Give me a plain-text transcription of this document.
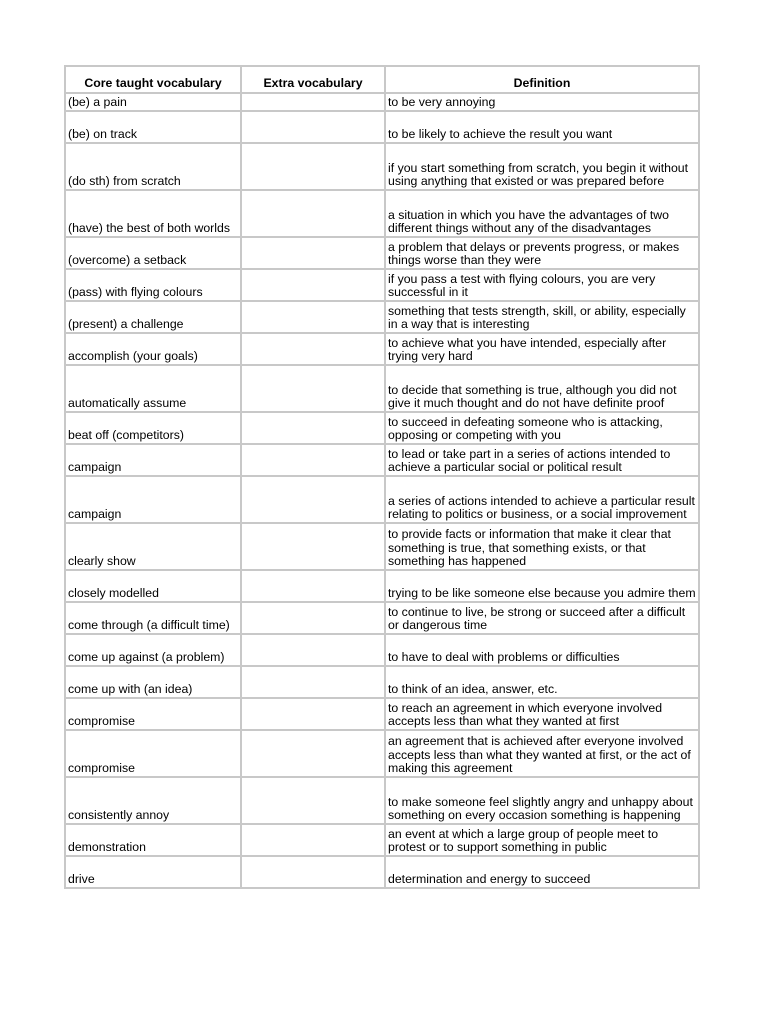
Core taught vocabulary	Extra vocabulary	Definition
(be) a pain		to be very annoying
(be) on track		to be likely to achieve the result you want
(do sth) from scratch		if you start something from scratch, you begin it without using anything that existed or was prepared before
(have) the best of both worlds		a situation in which you have the advantages of two different things without any of the disadvantages
(overcome) a setback		a problem that delays or prevents progress, or makes things worse than they were
(pass) with flying colours		if you pass a test with flying colours, you are very successful in it
(present) a challenge		something that tests strength, skill, or ability, especially in a way that is interesting
accomplish (your goals)		to achieve what you have intended, especially after trying very hard
automatically assume		to decide that something is true, although you did not give it much thought and do not have definite proof
beat off (competitors)		to succeed in defeating someone who is attacking, opposing or competing with you
campaign		to lead or take part in a series of actions intended to achieve a particular social or political result
campaign		a series of actions intended to achieve a particular result relating to politics or business, or a social improvement
clearly show		to provide facts or information that make it clear that something is true, that something exists, or that something has happened
closely modelled		trying to be like someone else because you admire them
come through (a difficult time)		to continue to live, be strong or succeed after a difficult or dangerous time
come up against (a problem)		to have to deal with problems or difficulties
come up with (an idea)		to think of an idea, answer, etc.
compromise		to reach an agreement in which everyone involved accepts less than what they wanted at first
compromise		an agreement that is achieved after everyone involved accepts less than what they wanted at first, or the act of making this agreement
consistently annoy		to make someone feel slightly angry and unhappy about something on every occasion something is happening
demonstration		an event at which a large group of people meet to protest or to support something in public
drive		determination and energy to succeed
